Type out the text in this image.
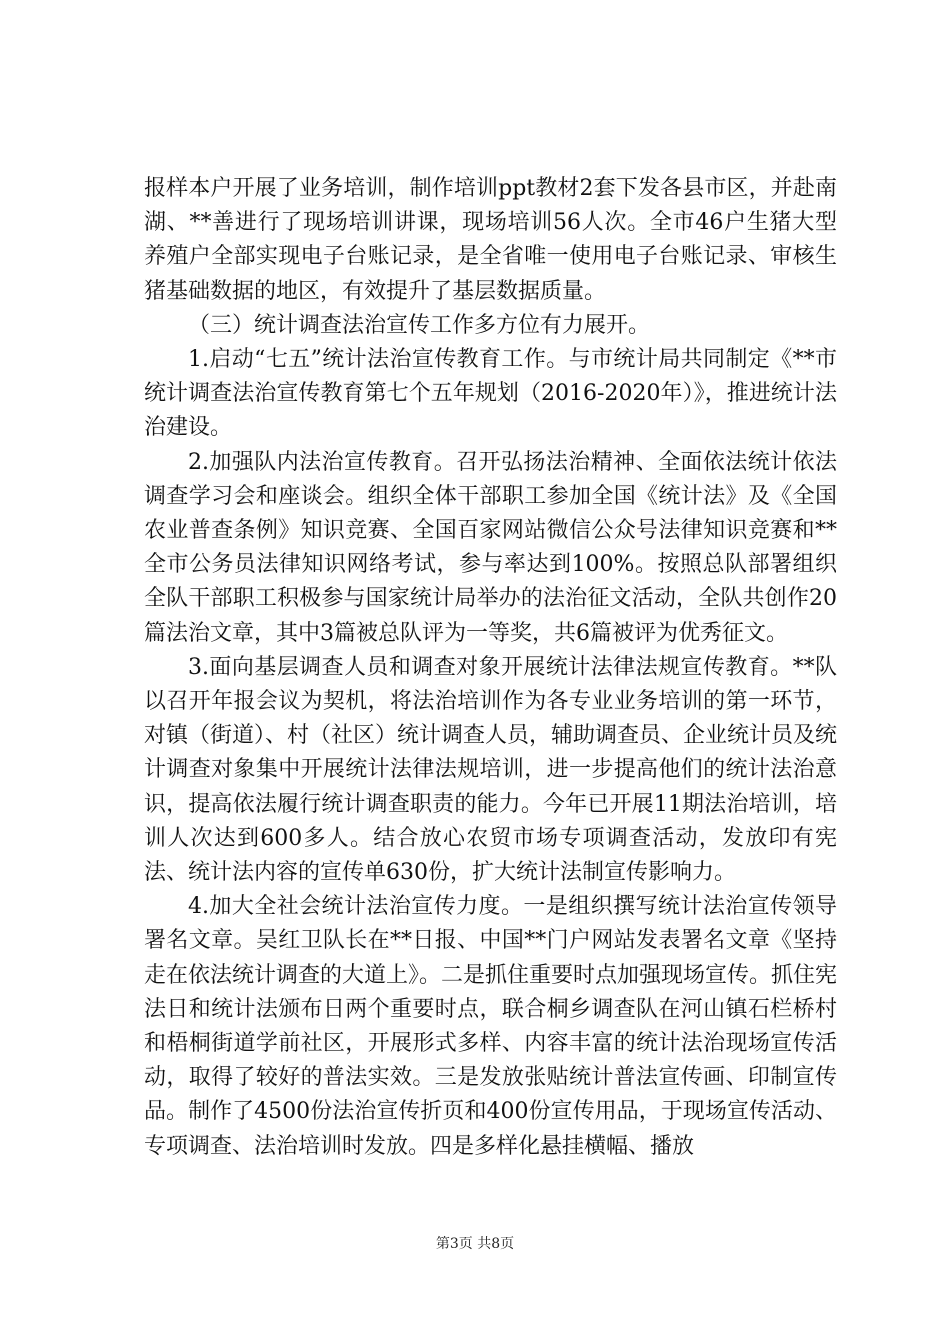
报样本户开展了业务培训，制作培训ppt教材2套下发各县市区，并赴南湖、**善进行了现场培训讲课，现场培训56人次。全市46户生猪大型养殖户全部实现电子台账记录，是全省唯一使用电子台账记录、审核生猪基础数据的地区，有效提升了基层数据质量。

（三）统计调查法治宣传工作多方位有力展开。

1.启动“七五”统计法治宣传教育工作。与市统计局共同制定《**市统计调查法治宣传教育第七个五年规划（2016-2020年）》，推进统计法治建设。

2.加强队内法治宣传教育。召开弘扬法治精神、全面依法统计依法调查学习会和座谈会。组织全体干部职工参加全国《统计法》及《全国农业普查条例》知识竞赛、全国百家网站微信公众号法律知识竞赛和**全市公务员法律知识网络考试，参与率达到100%。按照总队部署组织全队干部职工积极参与国家统计局举办的法治征文活动，全队共创作20篇法治文章，其中3篇被总队评为一等奖，共6篇被评为优秀征文。

3.面向基层调查人员和调查对象开展统计法律法规宣传教育。**队以召开年报会议为契机，将法治培训作为各专业业务培训的第一环节，对镇（街道）、村（社区）统计调查人员，辅助调查员、企业统计员及统计调查对象集中开展统计法律法规培训，进一步提高他们的统计法治意识，提高依法履行统计调查职责的能力。今年已开展11期法治培训，培训人次达到600多人。结合放心农贸市场专项调查活动，发放印有宪法、统计法内容的宣传单630份，扩大统计法制宣传影响力。

4.加大全社会统计法治宣传力度。一是组织撰写统计法治宣传领导署名文章。吴红卫队长在**日报、中国**门户网站发表署名文章《坚持走在依法统计调查的大道上》。二是抓住重要时点加强现场宣传。抓住宪法日和统计法颁布日两个重要时点，联合桐乡调查队在河山镇石栏桥村和梧桐街道学前社区，开展形式多样、内容丰富的统计法治现场宣传活动，取得了较好的普法实效。三是发放张贴统计普法宣传画、印制宣传品。制作了4500份法治宣传折页和400份宣传用品，于现场宣传活动、专项调查、法治培训时发放。四是多样化悬挂横幅、播放

第3页 共8页
